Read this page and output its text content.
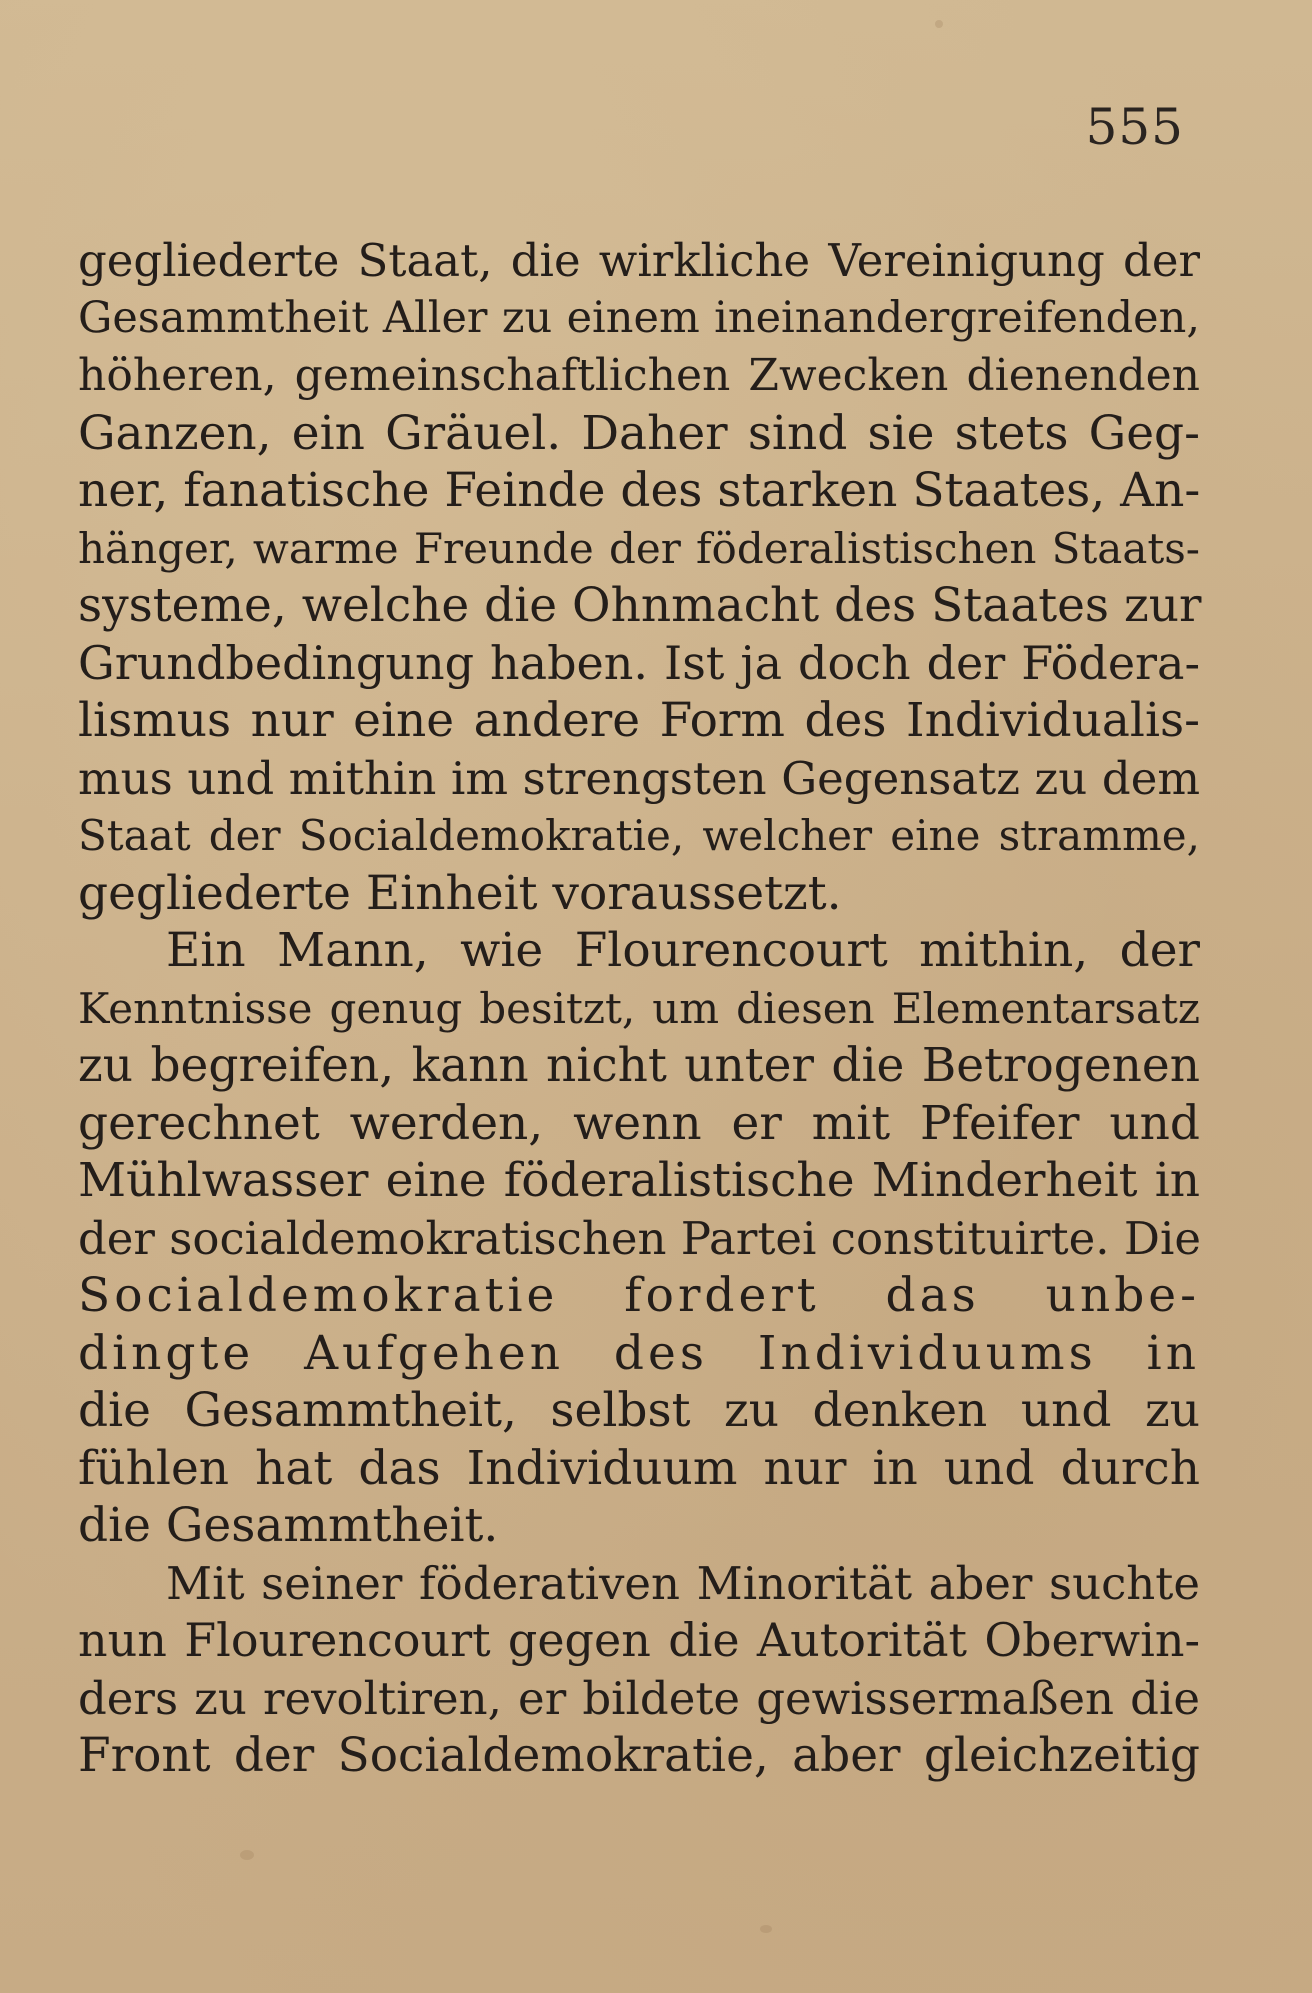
555
gegliederte Staat, die wirkliche Vereinigung der
Gesammtheit Aller zu einem ineinandergreifenden,
höheren, gemeinschaftlichen Zwecken dienenden
Ganzen, ein Gräuel. Daher sind sie stets Geg-
ner, fanatische Feinde des starken Staates, An-
hänger, warme Freunde der föderalistischen Staats-
systeme, welche die Ohnmacht des Staates zur
Grundbedingung haben. Ist ja doch der Födera-
lismus nur eine andere Form des Individualis-
mus und mithin im strengsten Gegensatz zu dem
Staat der Socialdemokratie, welcher eine stramme,
gegliederte Einheit voraussetzt.
Ein Mann, wie Flourencourt mithin, der
Kenntnisse genug besitzt, um diesen Elementarsatz
zu begreifen, kann nicht unter die Betrogenen
gerechnet werden, wenn er mit Pfeifer und
Mühlwasser eine föderalistische Minderheit in
der socialdemokratischen Partei constituirte. Die
Socialdemokratie fordert das unbe-
dingte Aufgehen des Individuums in
die Gesammtheit, selbst zu denken und zu
fühlen hat das Individuum nur in und durch
die Gesammtheit.
Mit seiner föderativen Minorität aber suchte
nun Flourencourt gegen die Autorität Oberwin-
ders zu revoltiren, er bildete gewissermaßen die
Front der Socialdemokratie, aber gleichzeitig
